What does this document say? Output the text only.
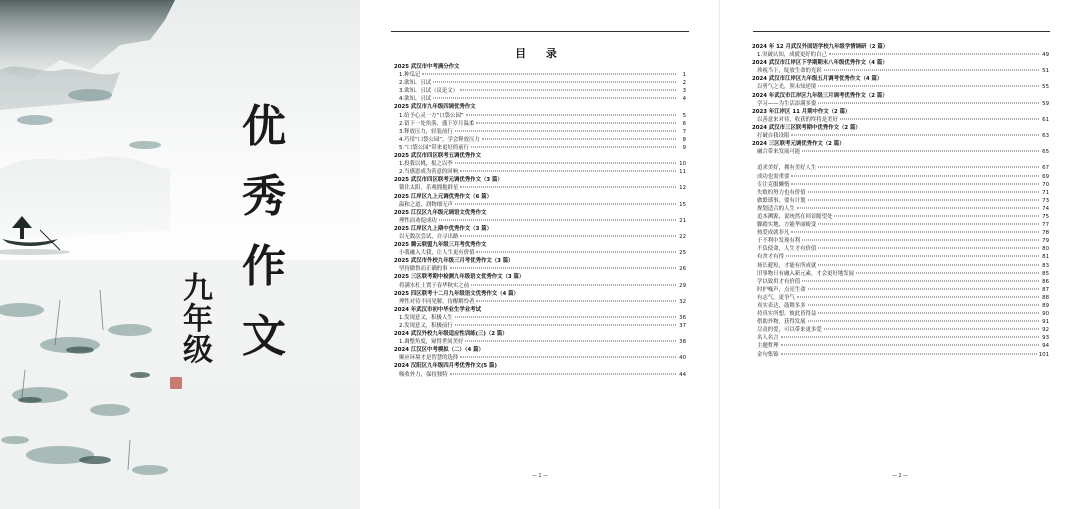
优
秀
作
文
九
年
级
目 录
2025 武汉市中考满分作文
1.种瓜记	1
2.欲知、且试	2
3.欲知、且试（议论文）	3
4.欲知、且试	4
2025 武汉市九年级四调优秀作文
1.给予心灵一方“口袋公园”	5
2.留下一处角落，盛下岁月温柔	6
3.释放压力，轻装前行	7
4.巧用“口袋公园”，学会释放压力	8
5.“口袋公园”带来更好的前行	9
2025 武汉市四区联考五调优秀作文
1.投我以桃，报之以李	10
2.当感恩成为善意的回响	11
2025 武汉市四区联考元调优秀作文（3 篇）
锁住太阳，乐观拥抱群星	12
2025 江岸区九上元调优秀作文（6 篇）
温和之道，润物细无声	15
2025 江汉区九年级元调语文优秀作文
理性而劝促成功	21
2025 江岸区九上期中优秀作文（3 篇）
以无数次尝试，自寻出路	22
2025 腾云联盟九年级三月考优秀作文
小我融入大我，让人生更有价值	25
2025 武汉市外校九年级三月考优秀作文（3 篇）
坚持做鲁而正确的事	26
2025 三区联考期中检测九年级语文优秀作文（3 篇）
将满水杠土置于春华秋实之前	29
2025 四区联考十二月九年级语文优秀作文（4 篇）
理性对待不同见解，待醒解怜者	32
2024 年武汉市初中毕业生学业考试
1.发现意义，积极人生	36
2.发现意义，积极前行	37
2024 武汉外校九年级适应性训练(三)（2 篇）
1.调整角度，窥得世间美好	38
2024 江汉区中考模拟（二）（4 篇）
顺应环境才是智慧的选择	40
2024 汉阳区九年级四月考优秀作文(5 篇)
吸收外力，保持独特	44
— 1 —
2024 年 12 月武汉外国语学校九年级学情调研（2 篇）
1.突破认知，成就更好的自己	49
2024 武汉市江岸区下学期期末八年级优秀作文（4 篇）
珍视当下，绽放生命的光彩	51
2024 武汉市江岸区九年级五月调考优秀作文（4 篇）
以勇气之光，照未知逆境	55
2024 年武汉市江岸区九年级三月调考优秀作文（2 篇）
学习——为生活添满多姿	59
2023 年江岸区 11 月期中作文（2 篇）
以善意来对待，收获的终将是美好	61
2024 武汉市三区联考期中优秀作文（2 篇）
打破自我设限	63
2024 三区联考元调优秀作文（2 篇）
融合带来发展可能	65
追求美好，拥有美好人生	67
成功也需重要	69
专注克服懒惰	70
失败的努力也有价值	71
做繁琐事，要有计划	73
规划适合的人生	74
追本溯源，说统然在回首瞻望处	75
脚踏实地，方能华丽蜕变	77
热爱成就非凡	78
于不利中发现有利	79
不负使命，人生才有价值	80
有舍才有得	81
扬长避短，才能有所成就	83
旧事物只有融入新元素，才会更好地发展	85
学以致用才有价值	86
时护噪声，点亮生命	87
有志气，更争气	88
真实表达，鼓舞多多	89
持真实所想，彼此皆得益	90
借助外物，获得发展	91
尽责的爱，可以带来更多爱	92
名人名言	93
主题哲理	94
金句集锦	101
— 2 —
